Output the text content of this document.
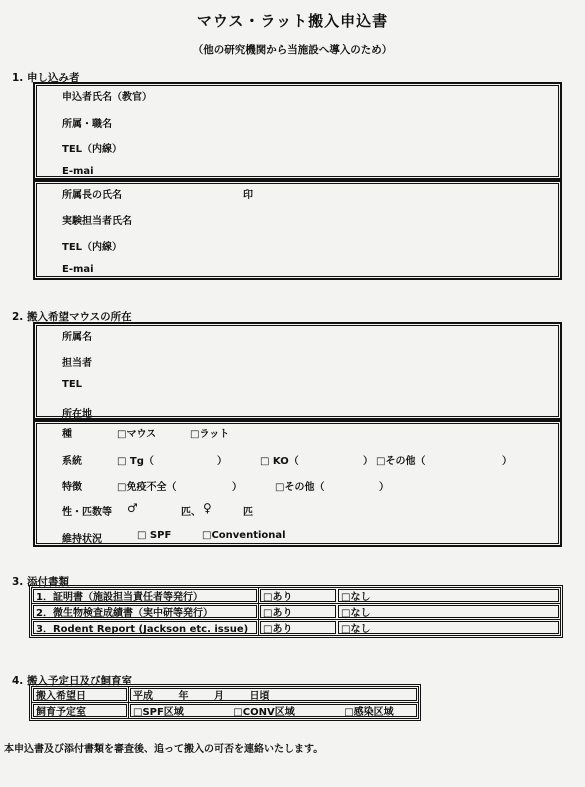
マウス・ラット搬入申込書
（他の研究機関から当施設へ導入のため）
1. 申し込み者
申込者氏名（教官）
所属・職名
TEL（内線）
E-mai
所属長の氏名	印
実験担当者氏名
TEL（内線）
E-mai
2. 搬入希望マウスの所在
所属名
担当者
TEL
所在地
種	□マウス	□ラット
系統	□ Tg（	）	□ KO（	） □その他（	）
特徴	□免疫不全（	）	□その他（	）
性・匹数等 ♂	匹、 ♀	匹
維持状況	□ SPF	□Conventional
3. 添付書類
1．証明書（施設担当責任者等発行）	□あり	□なし
2．微生物検査成績書（実中研等発行）	□あり	□なし
3．Rodent Report (Jackson etc. issue)	□あり	□なし
4. 搬入予定日及び飼育室
搬入希望日	平成 年 月 日頃
飼育予定室	□SPF区域 □CONV区域 □感染区域
本申込書及び添付書類を審査後、追って搬入の可否を連絡いたします。
